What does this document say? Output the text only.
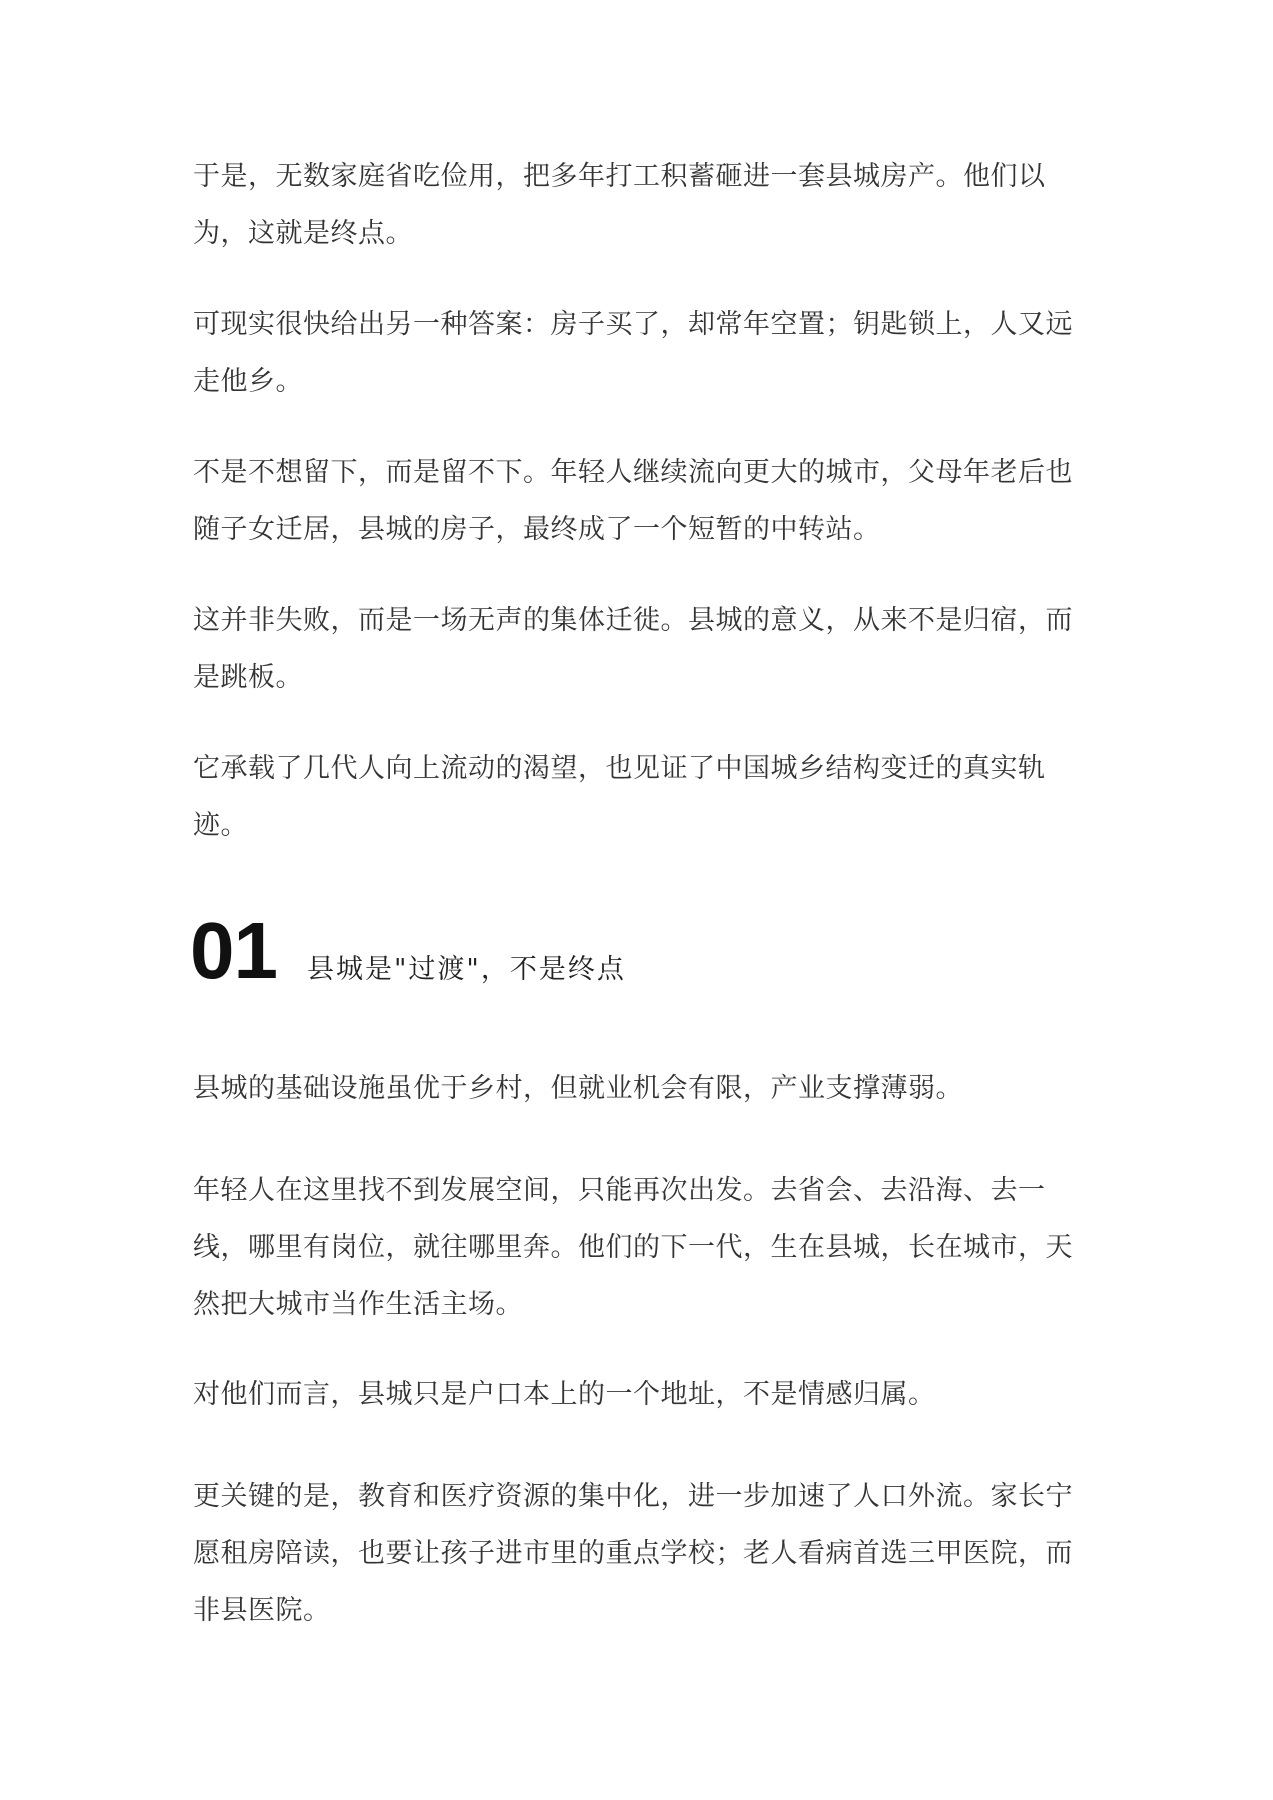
于是，无数家庭省吃俭用，把多年打工积蓄砸进一套县城房产。他们以为，这就是终点。

可现实很快给出另一种答案：房子买了，却常年空置；钥匙锁上，人又远走他乡。

不是不想留下，而是留不下。年轻人继续流向更大的城市，父母年老后也随子女迁居，县城的房子，最终成了一个短暂的中转站。

这并非失败，而是一场无声的集体迁徙。县城的意义，从来不是归宿，而是跳板。

它承载了几代人向上流动的渴望，也见证了中国城乡结构变迁的真实轨迹。

01 县城是"过渡"，不是终点

县城的基础设施虽优于乡村，但就业机会有限，产业支撑薄弱。

年轻人在这里找不到发展空间，只能再次出发。去省会、去沿海、去一线，哪里有岗位，就往哪里奔。他们的下一代，生在县城，长在城市，天然把大城市当作生活主场。

对他们而言，县城只是户口本上的一个地址，不是情感归属。

更关键的是，教育和医疗资源的集中化，进一步加速了人口外流。家长宁愿租房陪读，也要让孩子进市里的重点学校；老人看病首选三甲医院，而非县医院。
